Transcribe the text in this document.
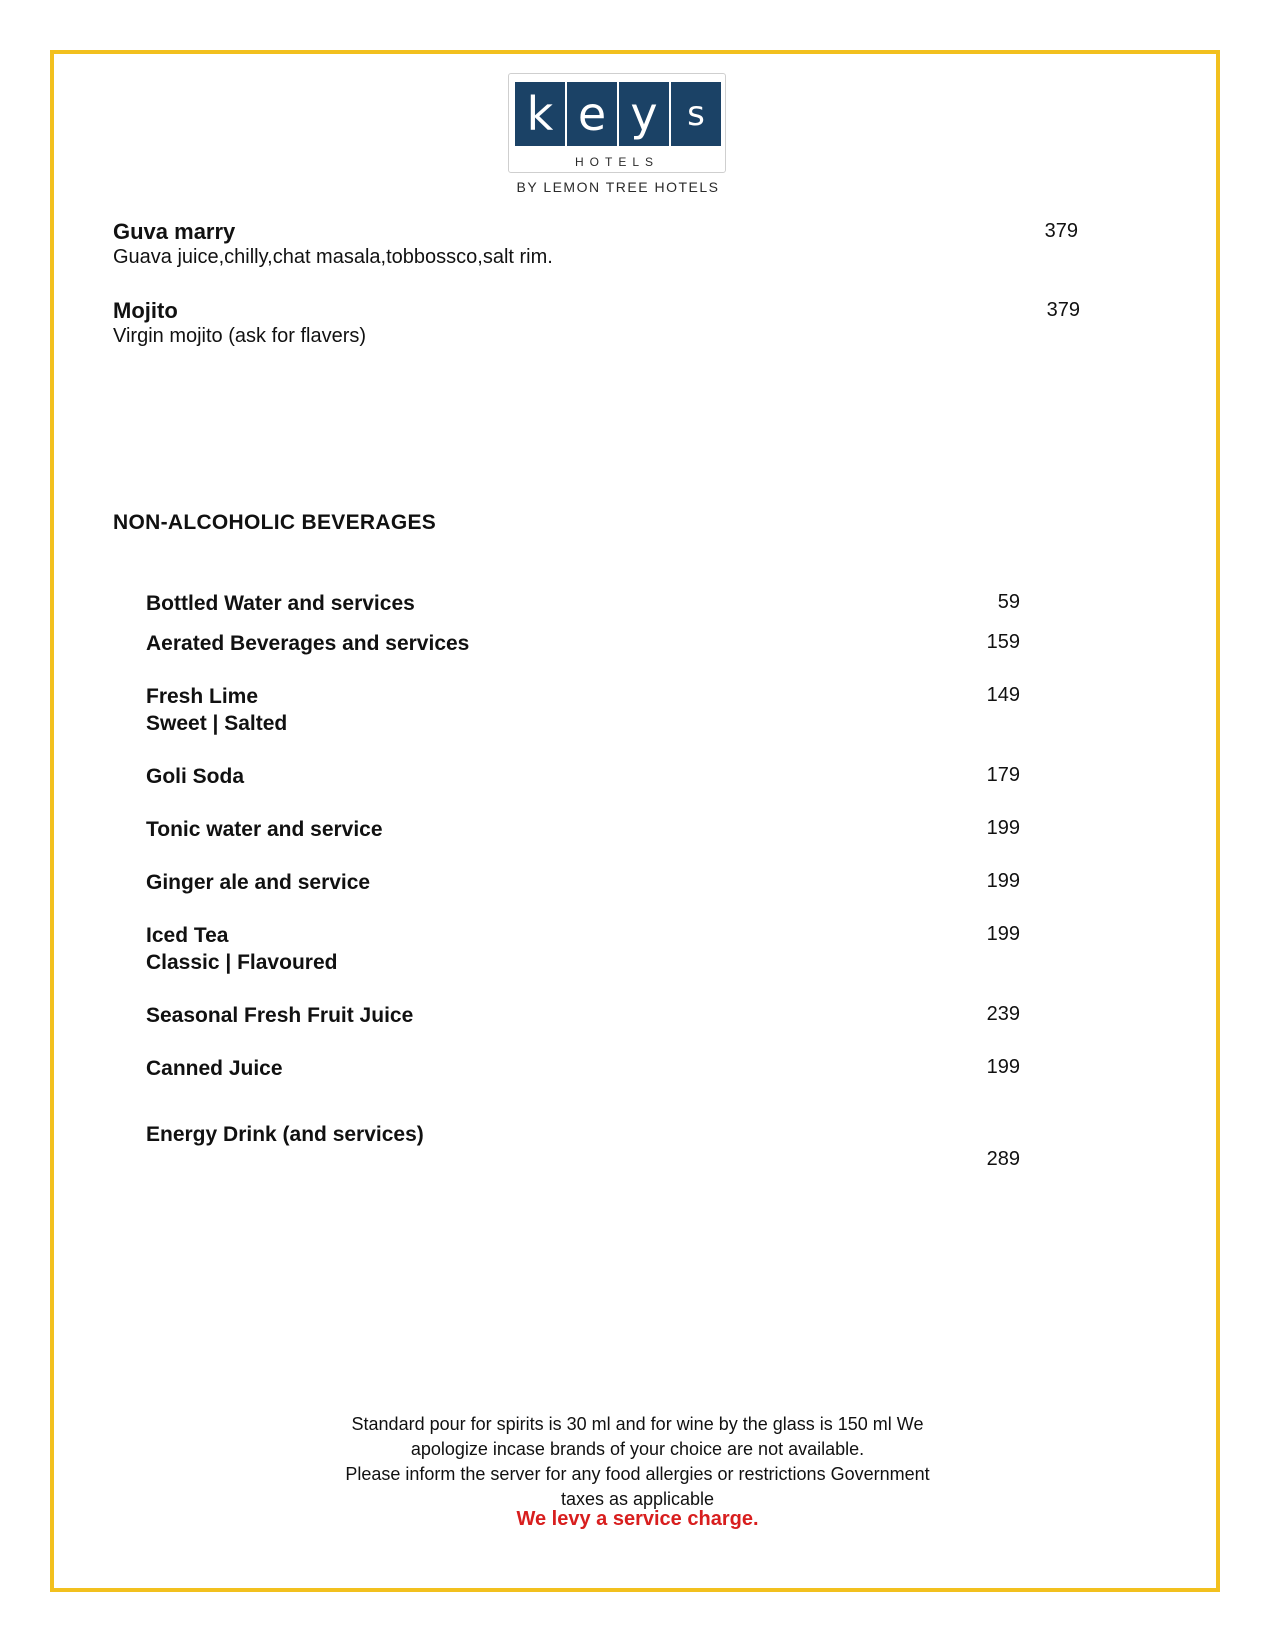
k e y s
HOTELS
BY LEMON TREE HOTELS
Guva marry
Guava juice,chilly,chat masala,tobbossco,salt rim.
379
Mojito
Virgin mojito (ask for flavers)
379
NON-ALCOHOLIC BEVERAGES
Bottled Water and services	59
Aerated Beverages and services	159
Fresh Lime
Sweet | Salted
149
Goli Soda	179
Tonic water and service	199
Ginger ale and service	199
Iced Tea
Classic | Flavoured
199
Seasonal Fresh Fruit Juice	239
Canned Juice	199
Energy Drink (and services)
289
Standard pour for spirits is 30 ml and for wine by the glass is 150 ml We
apologize incase brands of your choice are not available.
Please inform the server for any food allergies or restrictions Government
taxes as applicable
We levy a service charge.
